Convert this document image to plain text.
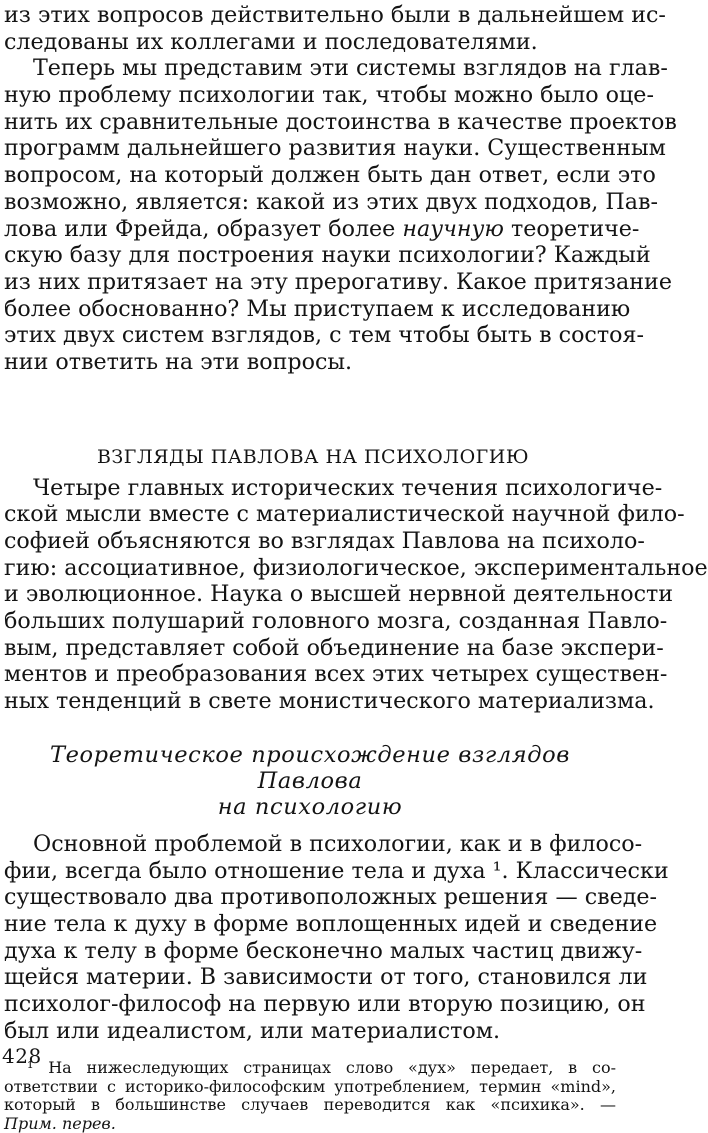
из этих вопросов действительно были в дальнейшем ис-
следованы их коллегами и последователями.
Теперь мы представим эти системы взглядов на глав-
ную проблему психологии так, чтобы можно было оце-
нить их сравнительные достоинства в качестве проектов
программ дальнейшего развития науки. Существенным
вопросом, на который должен быть дан ответ, если это
возможно, является: какой из этих двух подходов, Пав-
лова или Фрейда, образует более научную теоретиче-
скую базу для построения науки психологии? Каждый
из них притязает на эту прерогативу. Какое притязание
более обоснованно? Мы приступаем к исследованию
этих двух систем взглядов, с тем чтобы быть в состоя-
нии ответить на эти вопросы.
ВЗГЛЯДЫ ПАВЛОВА НА ПСИХОЛОГИЮ
Четыре главных исторических течения психологиче-
ской мысли вместе с материалистической научной фило-
софией объясняются во взглядах Павлова на психоло-
гию: ассоциативное, физиологическое, экспериментальное
и эволюционное. Наука о высшей нервной деятельности
больших полушарий головного мозга, созданная Павло-
вым, представляет собой объединение на базе экспери-
ментов и преобразования всех этих четырех существен-
ных тенденций в свете монистического материализма.
Теоретическое происхождение взглядов Павлова
на психологию
Основной проблемой в психологии, как и в филосо-
фии, всегда было отношение тела и духа ¹. Классически
существовало два противоположных решения — сведе-
ние тела к духу в форме воплощенных идей и сведение
духа к телу в форме бесконечно малых частиц движу-
щейся материи. В зависимости от того, становился ли
психолог-философ на первую или вторую позицию, он
был или идеалистом, или материалистом.
¹ На нижеследующих страницах слово «дух» передает, в со-
ответствии с историко-философским употреблением, термин «mind»,
который в большинстве случаев переводится как «психика». —
Прим. перев.
428
